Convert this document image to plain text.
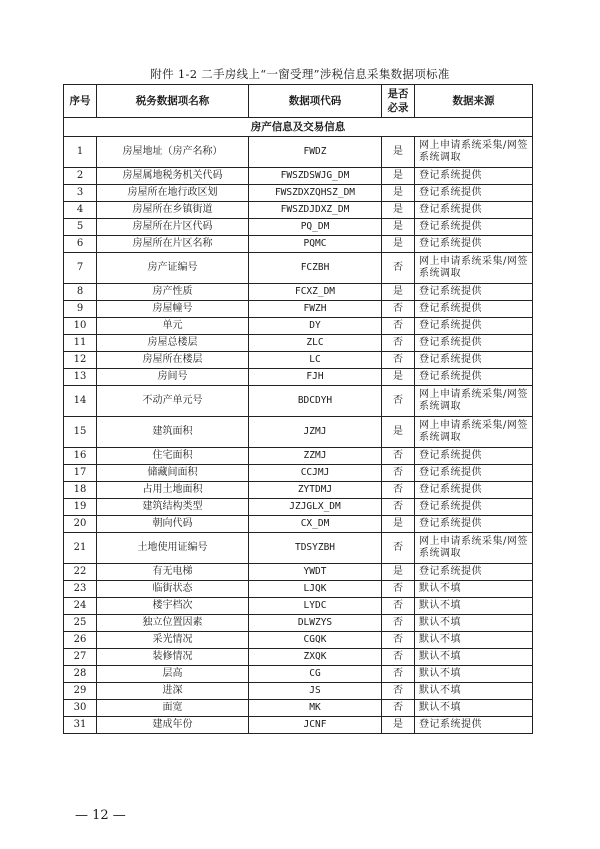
附件 1-2 二手房线上“一窗受理”涉税信息采集数据项标准
序号	税务数据项名称	数据项代码	是否必录	数据来源
房产信息及交易信息				
1	房屋地址（房产名称）	FWDZ	是	网上申请系统采集/网签系统调取
2	房屋属地税务机关代码	FWSZDSWJG_DM	是	登记系统提供
3	房屋所在地行政区划	FWSZDXZQHSZ_DM	是	登记系统提供
4	房屋所在乡镇街道	FWSZDJDXZ_DM	是	登记系统提供
5	房屋所在片区代码	PQ_DM	是	登记系统提供
6	房屋所在片区名称	PQMC	是	登记系统提供
7	房产证编号	FCZBH	否	网上申请系统采集/网签系统调取
8	房产性质	FCXZ_DM	是	登记系统提供
9	房屋幢号	FWZH	否	登记系统提供
10	单元	DY	否	登记系统提供
11	房屋总楼层	ZLC	否	登记系统提供
12	房屋所在楼层	LC	否	登记系统提供
13	房间号	FJH	是	登记系统提供
14	不动产单元号	BDCDYH	否	网上申请系统采集/网签系统调取
15	建筑面积	JZMJ	是	网上申请系统采集/网签系统调取
16	住宅面积	ZZMJ	否	登记系统提供
17	储藏间面积	CCJMJ	否	登记系统提供
18	占用土地面积	ZYTDMJ	否	登记系统提供
19	建筑结构类型	JZJGLX_DM	否	登记系统提供
20	朝向代码	CX_DM	是	登记系统提供
21	土地使用证编号	TDSYZBH	否	网上申请系统采集/网签系统调取
22	有无电梯	YWDT	是	登记系统提供
23	临街状态	LJQK	否	默认不填
24	楼宇档次	LYDC	否	默认不填
25	独立位置因素	DLWZYS	否	默认不填
26	采光情况	CGQK	否	默认不填
27	装修情况	ZXQK	否	默认不填
28	层高	CG	否	默认不填
29	进深	JS	否	默认不填
30	面宽	MK	否	默认不填
31	建成年份	JCNF	是	登记系统提供
— 12 —
